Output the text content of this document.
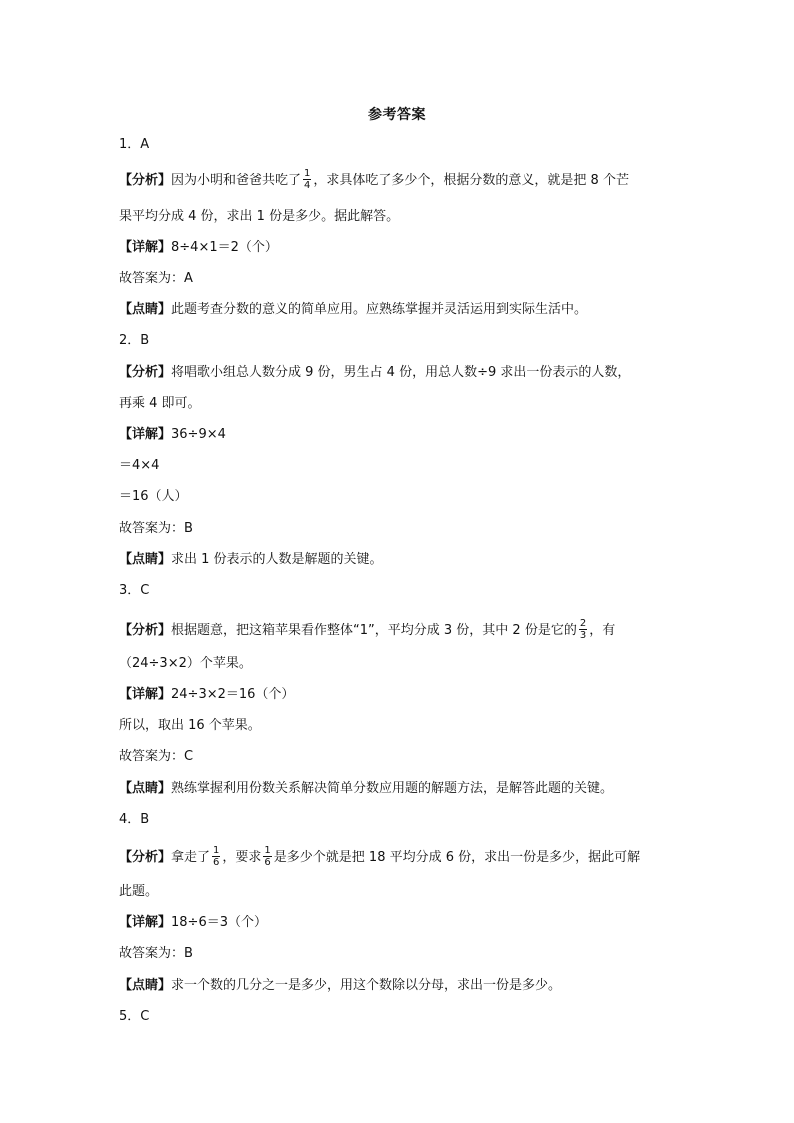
参考答案
1．A
【分析】因为小明和爸爸共吃了 $\frac{1}{4}$ ，求具体吃了多少个，根据分数的意义，就是把 8 个芒
果平均分成 4 份，求出 1 份是多少。据此解答。
【详解】8÷4×1＝2（个）
故答案为：A
【点睛】此题考查分数的意义的简单应用。应熟练掌握并灵活运用到实际生活中。
2．B
【分析】将唱歌小组总人数分成 9 份，男生占 4 份，用总人数÷9 求出一份表示的人数，
再乘 4 即可。
【详解】36÷9×4
＝4×4
＝16（人）
故答案为：B
【点睛】求出 1 份表示的人数是解题的关键。
3．C
【分析】根据题意，把这箱苹果看作整体“1”，平均分成 3 份，其中 2 份是它的 $\frac{2}{3}$ ，有
（24÷3×2）个苹果。
【详解】24÷3×2＝16（个）
所以，取出 16 个苹果。
故答案为：C
【点睛】熟练掌握利用份数关系解决简单分数应用题的解题方法，是解答此题的关键。
4．B
【分析】拿走了 $\frac{1}{6}$ ，要求 $\frac{1}{6}$ 是多少个就是把 18 平均分成 6 份，求出一份是多少，据此可解
此题。
【详解】18÷6＝3（个）
故答案为：B
【点睛】求一个数的几分之一是多少，用这个数除以分母，求出一份是多少。
5．C
